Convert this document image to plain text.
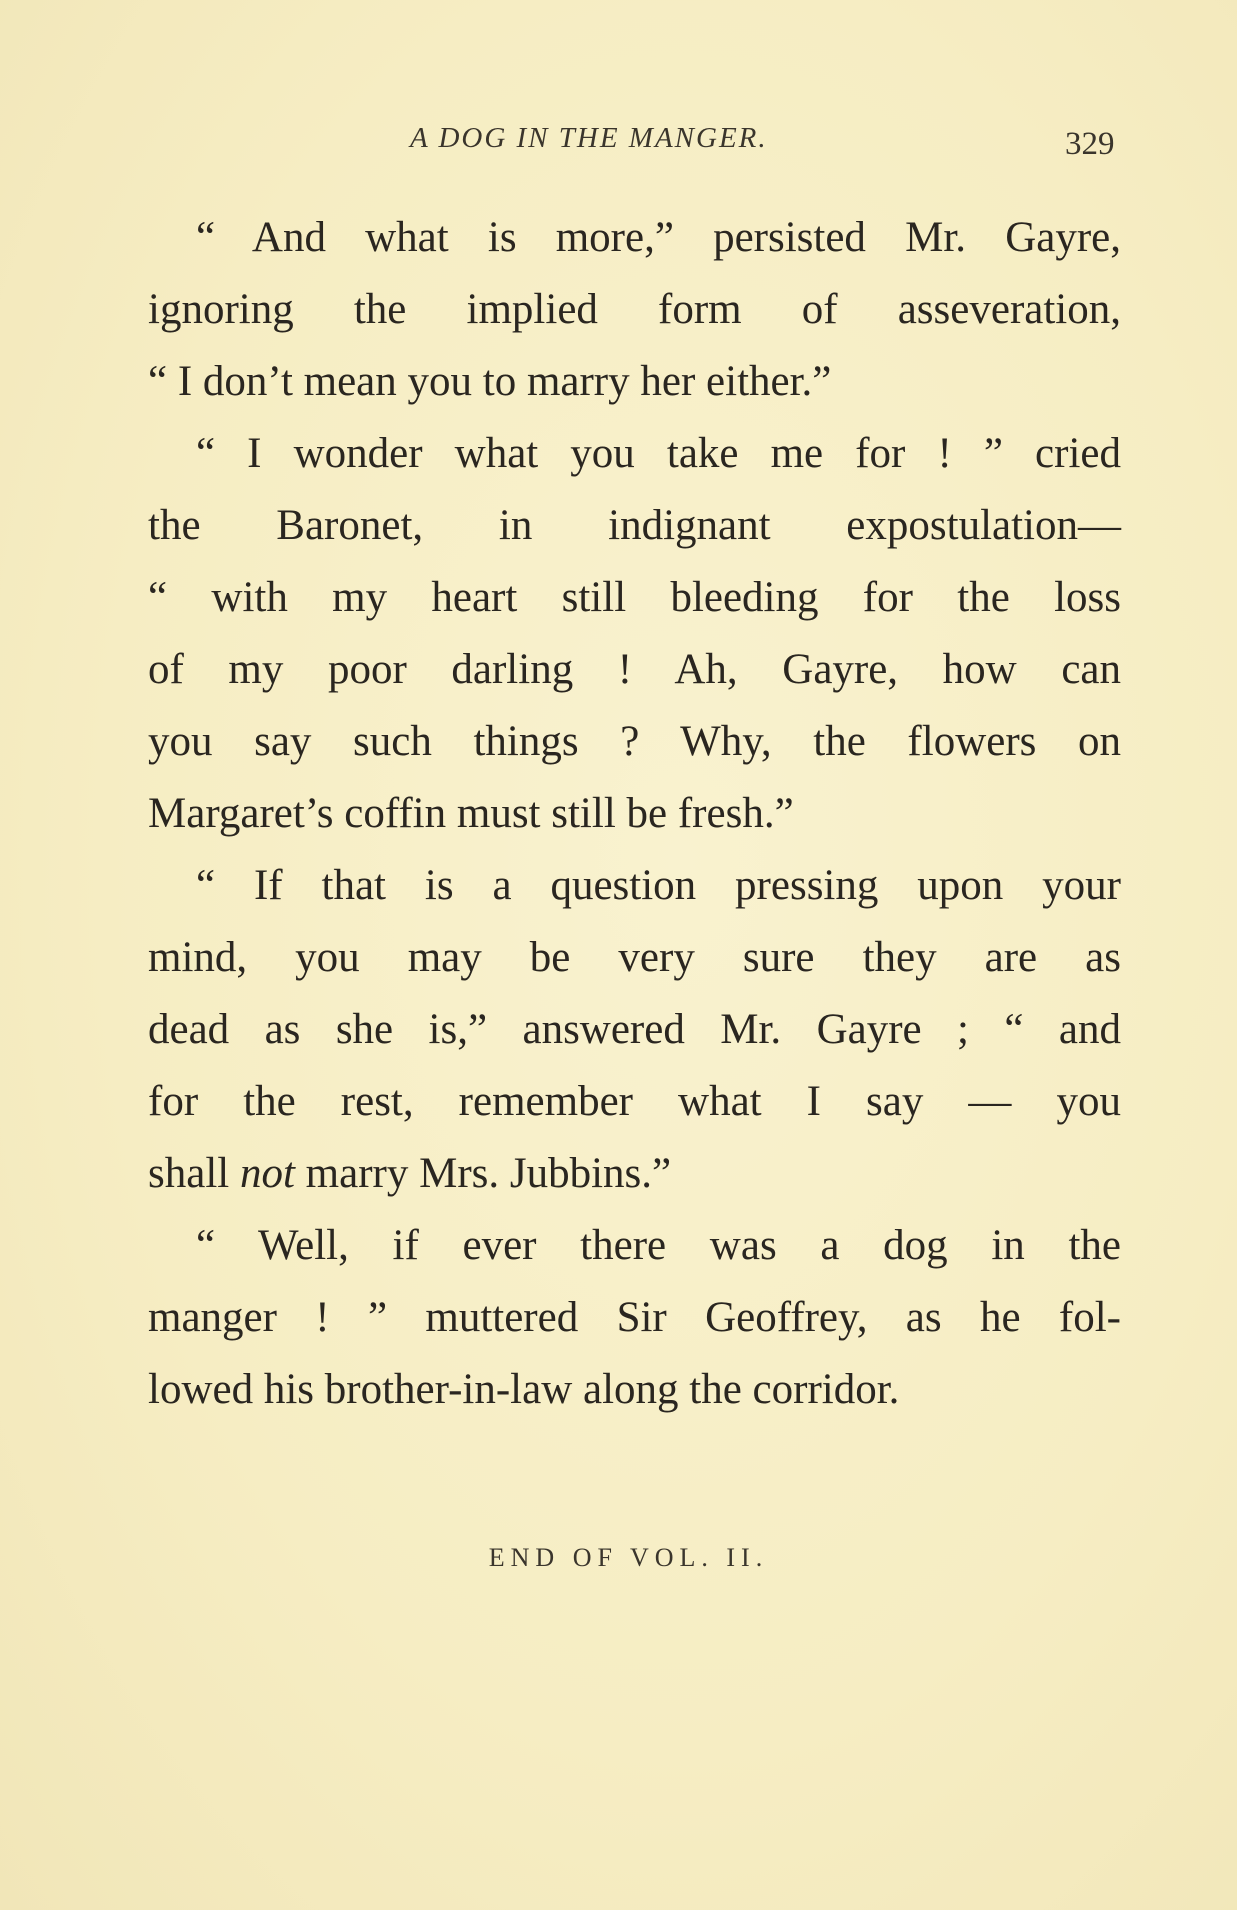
A DOG IN THE MANGER.	329
“ And what is more,” persisted Mr. Gayre,
ignoring the implied form of asseveration,
“ I don’t mean you to marry her either.”
“ I wonder what you take me for ! ” cried
the Baronet, in indignant expostulation—
“ with my heart still bleeding for the loss
of my poor darling ! Ah, Gayre, how can
you say such things ? Why, the flowers on
Margaret’s coffin must still be fresh.”
“ If that is a question pressing upon your
mind, you may be very sure they are as
dead as she is,” answered Mr. Gayre ; “ and
for the rest, remember what I say — you
shall not marry Mrs. Jubbins.”
“ Well, if ever there was a dog in the
manger ! ” muttered Sir Geoffrey, as he fol-
lowed his brother-in-law along the corridor.
END OF VOL. II.
